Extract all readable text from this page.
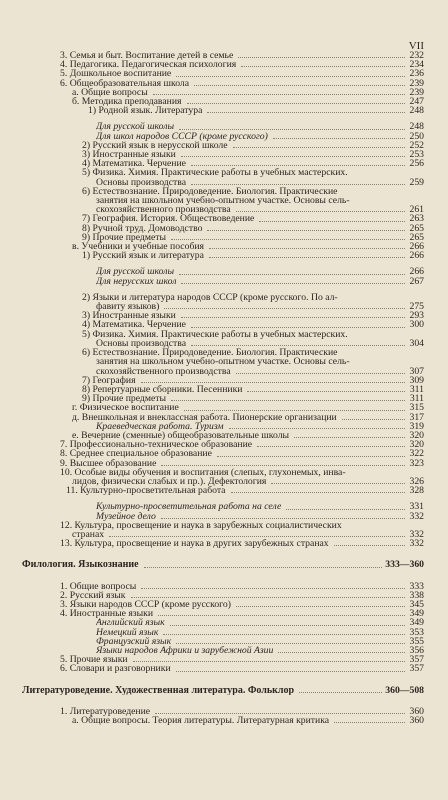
VII
3. Семья и быт. Воспитание детей в семье	232
4. Педагогика. Педагогическая психология	234
5. Дошкольное воспитание	236
6. Общеобразовательная школа	239
а. Общие вопросы	239
б. Методика преподавания	247
1) Родной язык. Литература	248
Для русской школы	248
Для школ народов СССР (кроме русского)	250
2) Русский язык в нерусской школе	252
3) Иностранные языки	253
4) Математика. Черчение	256
5) Физика. Химия. Практические работы в учебных мастерских.
Основы производства	259
6) Естествознание. Природоведение. Биология. Практические
занятия на школьном учебно-опытном участке. Основы сель-
скохозяйственного производства	261
7) География. История. Обществоведение	263
8) Ручной труд. Домоводство	265
9) Прочие предметы	265
в. Учебники и учебные пособия	266
1) Русский язык и литература	266
Для русской школы	266
Для нерусских школ	267
2) Языки и литература народов СССР (кроме русского. По ал-
фавиту языков)	275
3) Иностранные языки	293
4) Математика. Черчение	300
5) Физика. Химия. Практические работы в учебных мастерских.
Основы производства	304
6) Естествознание. Природоведение. Биология. Практические
занятия на школьном учебно-опытном участке. Основы сель-
скохозяйственного производства	307
7) География	309
8) Репертуарные сборники. Песенники	311
9) Прочие предметы	311
г. Физическое воспитание	315
д. Внешкольная и внеклассная работа. Пионерские организации	317
Краеведческая работа. Туризм	319
е. Вечерние (сменные) общеобразовательные школы	320
7. Профессионально-техническое образование	320
8. Среднее специальное образование	322
9. Высшее образование	323
10. Особые виды обучения и воспитания (слепых, глухонемых, инва-
лидов, физически слабых и пр.). Дефектология	326
11. Культурно-просветительная работа	328
Культурно-просветительная работа на селе	331
Музейное дело	332
12. Культура, просвещение и наука в зарубежных социалистических
странах	332
13. Культура, просвещение и наука в других зарубежных странах	332
Филология. Языкознание	333—360
1. Общие вопросы	333
2. Русский язык	338
3. Языки народов СССР (кроме русского)	345
4. Иностранные языки	349
Английский язык	349
Немецкий язык	353
Французский язык	355
Языки народов Африки и зарубежной Азии	356
5. Прочие языки	357
6. Словари и разговорники	357
Литературоведение. Художественная литература. Фольклор	360—508
1. Литературоведение	360
а. Общие вопросы. Теория литературы. Литературная критика	360
